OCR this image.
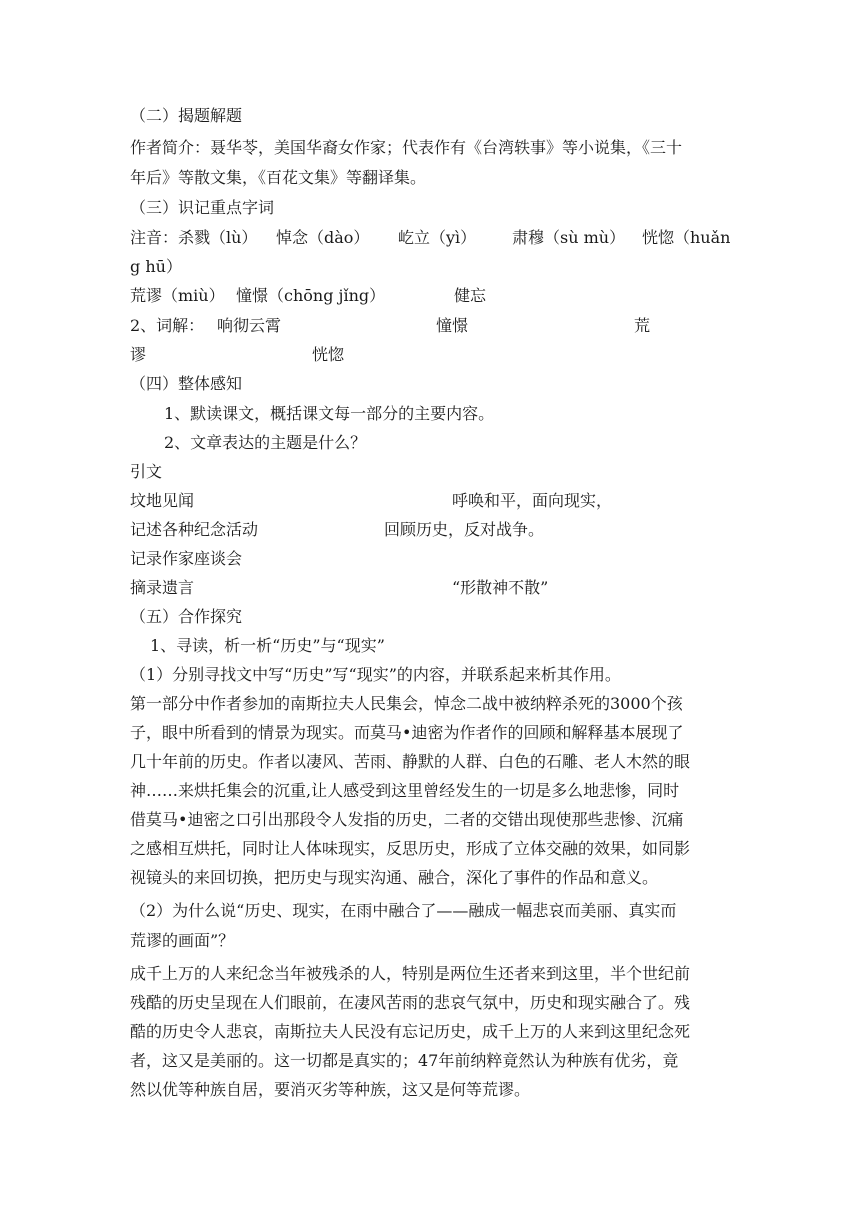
（二）揭题解题
作者简介：聂华苓，美国华裔女作家；代表作有《台湾轶事》等小说集，《三十
年后》等散文集，《百花文集》等翻译集。
（三）识记重点字词
注音： 杀戮（lù） 悼念（dào） 屹立（yì） 肃穆（sù mù） 恍惚（huǎn
g hū）
荒谬（miù） 憧憬（chōng jǐng）	健忘
2、词解： 响彻云霄	憧憬	荒
谬	恍惚
（四）整体感知
1、默读课文，概括课文每一部分的主要内容。
2、文章表达的主题是什么？
引文
坟地见闻	呼唤和平，面向现实，
记述各种纪念活动	回顾历史，反对战争。
记录作家座谈会
摘录遗言	“形散神不散”
（五）合作探究
1、寻读，析一析“历史”与“现实”
（1）分别寻找文中写“历史”写“现实”的内容，并联系起来析其作用。
第一部分中作者参加的南斯拉夫人民集会，悼念二战中被纳粹杀死的3000个孩
子，眼中所看到的情景为现实。而莫马•迪密为作者作的回顾和解释基本展现了
几十年前的历史。作者以凄风、苦雨、静默的人群、白色的石雕、老人木然的眼
神……来烘托集会的沉重,让人感受到这里曾经发生的一切是多么地悲惨，同时
借莫马•迪密之口引出那段令人发指的历史，二者的交错出现使那些悲惨、沉痛
之感相互烘托，同时让人体味现实，反思历史，形成了立体交融的效果，如同影
视镜头的来回切换，把历史与现实沟通、融合，深化了事件的作品和意义。
（2）为什么说“历史、现实，在雨中融合了——融成一幅悲哀而美丽、真实而
荒谬的画面”？
成千上万的人来纪念当年被残杀的人，特别是两位生还者来到这里，半个世纪前
残酷的历史呈现在人们眼前，在凄风苦雨的悲哀气氛中，历史和现实融合了。残
酷的历史令人悲哀，南斯拉夫人民没有忘记历史，成千上万的人来到这里纪念死
者，这又是美丽的。这一切都是真实的；47年前纳粹竟然认为种族有优劣，竟
然以优等种族自居，要消灭劣等种族，这又是何等荒谬。
